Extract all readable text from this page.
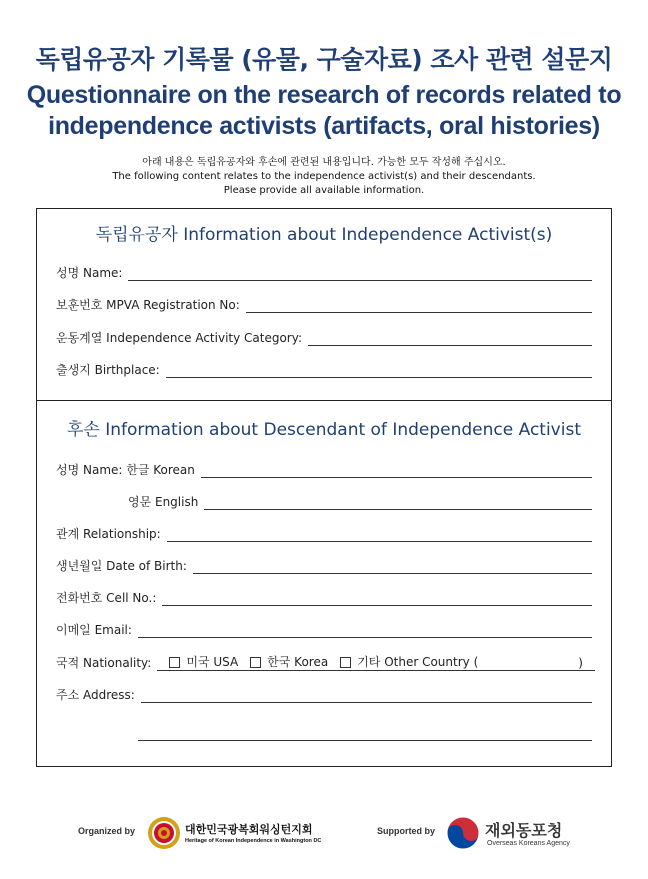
독립유공자 기록물 (유물, 구술자료) 조사 관련 설문지
Questionnaire on the research of records related to
independence activists (artifacts, oral histories)
아래 내용은 독립유공자와 후손에 관련된 내용입니다. 가능한 모두 작성해 주십시오.
The following content relates to the independence activist(s) and their descendants.
Please provide all available information.
독립유공자 Information about Independence Activist(s)
성명 Name:
보훈번호 MPVA Registration No:
운동계열 Independence Activity Category:
출생지 Birthplace:
후손 Information about Descendant of Independence Activist
성명 Name: 한글 Korean
영문 English
관계 Relationship:
생년월일 Date of Birth:
전화번호 Cell No.:
이메일 Email:
국적 Nationality:	미국 USA 한국 Korea 기타 Other Country (	)
주소 Address:
Organized by	대한민국광복회워싱턴지회
Heritage of Korean Independence in Washington DC
Supported by	재외동포청
Overseas Koreans Agency
